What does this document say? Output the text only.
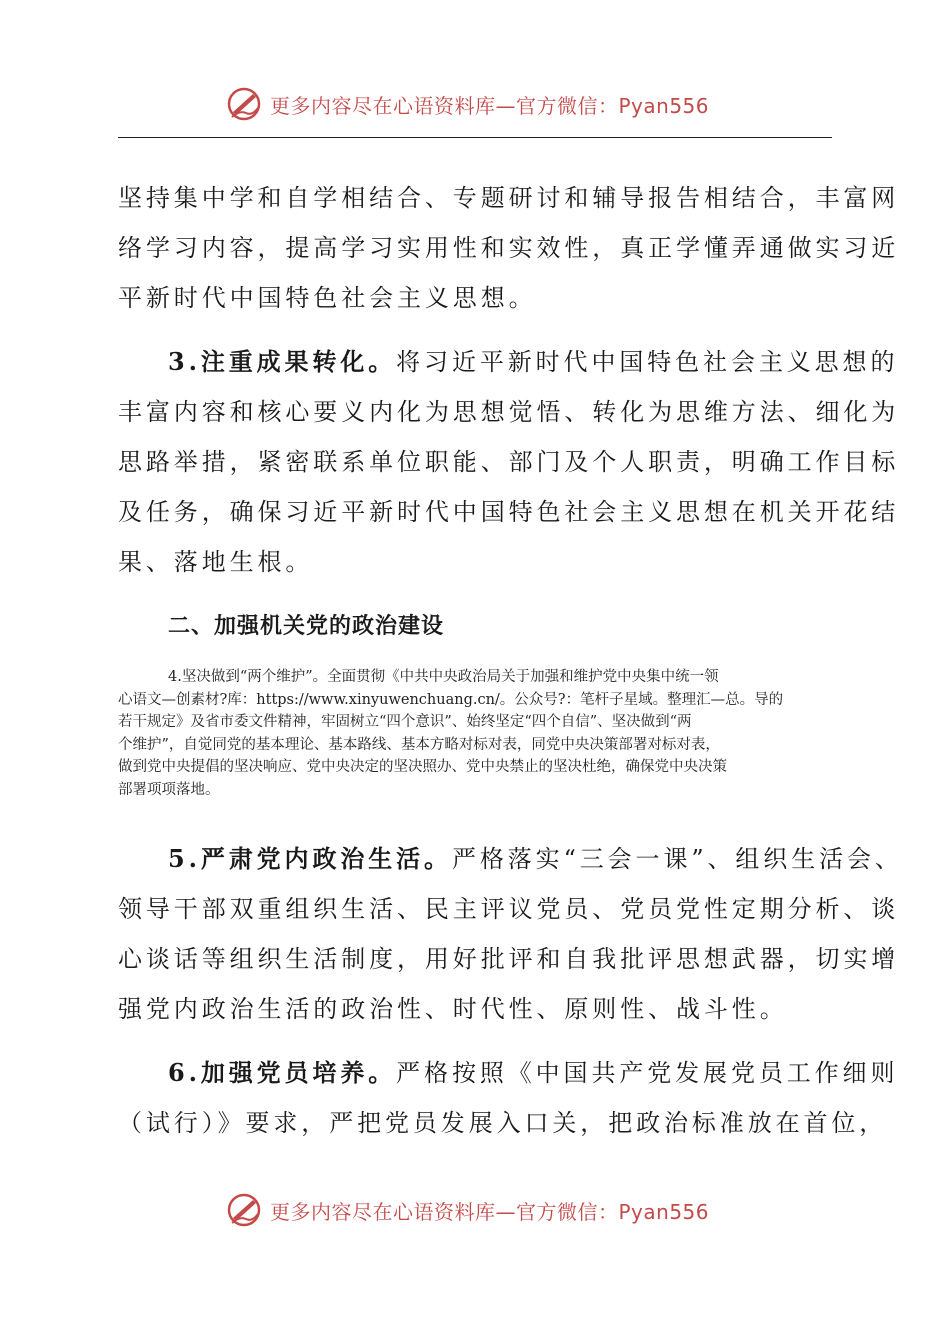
更多内容尽在心语资料库—官方微信：Pyan556
坚持集中学和自学相结合、专题研讨和辅导报告相结合，丰富网
络学习内容，提高学习实用性和实效性，真正学懂弄通做实习近
平新时代中国特色社会主义思想。
3.注重成果转化。将习近平新时代中国特色社会主义思想的
丰富内容和核心要义内化为思想觉悟、转化为思维方法、细化为
思路举措，紧密联系单位职能、部门及个人职责，明确工作目标
及任务，确保习近平新时代中国特色社会主义思想在机关开花结
果、落地生根。
二、加强机关党的政治建设
4.坚决做到“两个维护”。全面贯彻《中共中央政治局关于加强和维护党中央集中统一领
心语文—创素材?库：https://www.xinyuwenchuang.cn/。公众号?：笔杆子星域。整理汇—总。导的
若干规定》及省市委文件精神，牢固树立“四个意识”、始终坚定“四个自信”、坚决做到“两
个维护”，自觉同党的基本理论、基本路线、基本方略对标对表，同党中央决策部署对标对表，
做到党中央提倡的坚决响应、党中央决定的坚决照办、党中央禁止的坚决杜绝，确保党中央决策
部署项项落地。
5.严肃党内政治生活。严格落实“三会一课”、组织生活会、
领导干部双重组织生活、民主评议党员、党员党性定期分析、谈
心谈话等组织生活制度，用好批评和自我批评思想武器，切实增
强党内政治生活的政治性、时代性、原则性、战斗性。
6.加强党员培养。严格按照《中国共产党发展党员工作细则
（试行）》要求，严把党员发展入口关，把政治标准放在首位，
更多内容尽在心语资料库—官方微信：Pyan556
